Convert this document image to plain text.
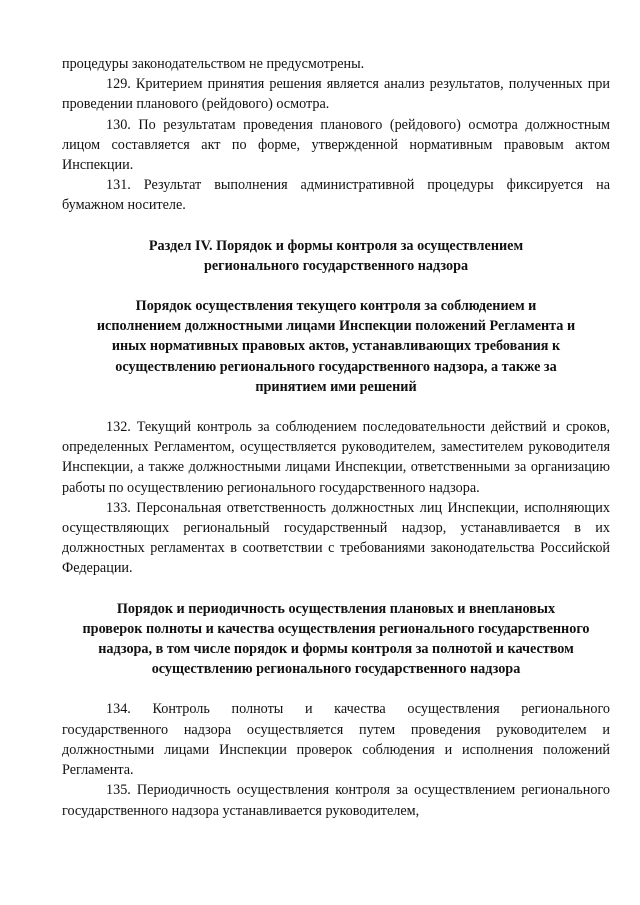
процедуры законодательством не предусмотрены.

129. Критерием принятия решения является анализ результатов, полученных при проведении планового (рейдового) осмотра.

130. По результатам проведения планового (рейдового) осмотра должностным лицом составляется акт по форме, утвержденной нормативным правовым актом Инспекции.

131. Результат выполнения административной процедуры фиксируется на бумажном носителе.

Раздел IV. Порядок и формы контроля за осуществлением
регионального государственного надзора
Порядок осуществления текущего контроля за соблюдением и
исполнением должностными лицами Инспекции положений Регламента и
иных нормативных правовых актов, устанавливающих требования к
осуществлению регионального государственного надзора, а также за
принятием ими решений

132. Текущий контроль за соблюдением последовательности действий и сроков, определенных Регламентом, осуществляется руководителем, заместителем руководителя Инспекции, а также должностными лицами Инспекции, ответственными за организацию работы по осуществлению регионального государственного надзора.

133. Персональная ответственность должностных лиц Инспекции, исполняющих осуществляющих региональный государственный надзор, устанавливается в их должностных регламентах в соответствии с требованиями законодательства Российской Федерации.

Порядок и периодичность осуществления плановых и внеплановых
проверок полноты и качества осуществления регионального государственного
надзора, в том числе порядок и формы контроля за полнотой и качеством
осуществлению регионального государственного надзора

134. Контроль полноты и качества осуществления регионального государственного надзора осуществляется путем проведения руководителем и должностными лицами Инспекции проверок соблюдения и исполнения положений Регламента.

135. Периодичность осуществления контроля за осуществлением регионального государственного надзора устанавливается руководителем,
